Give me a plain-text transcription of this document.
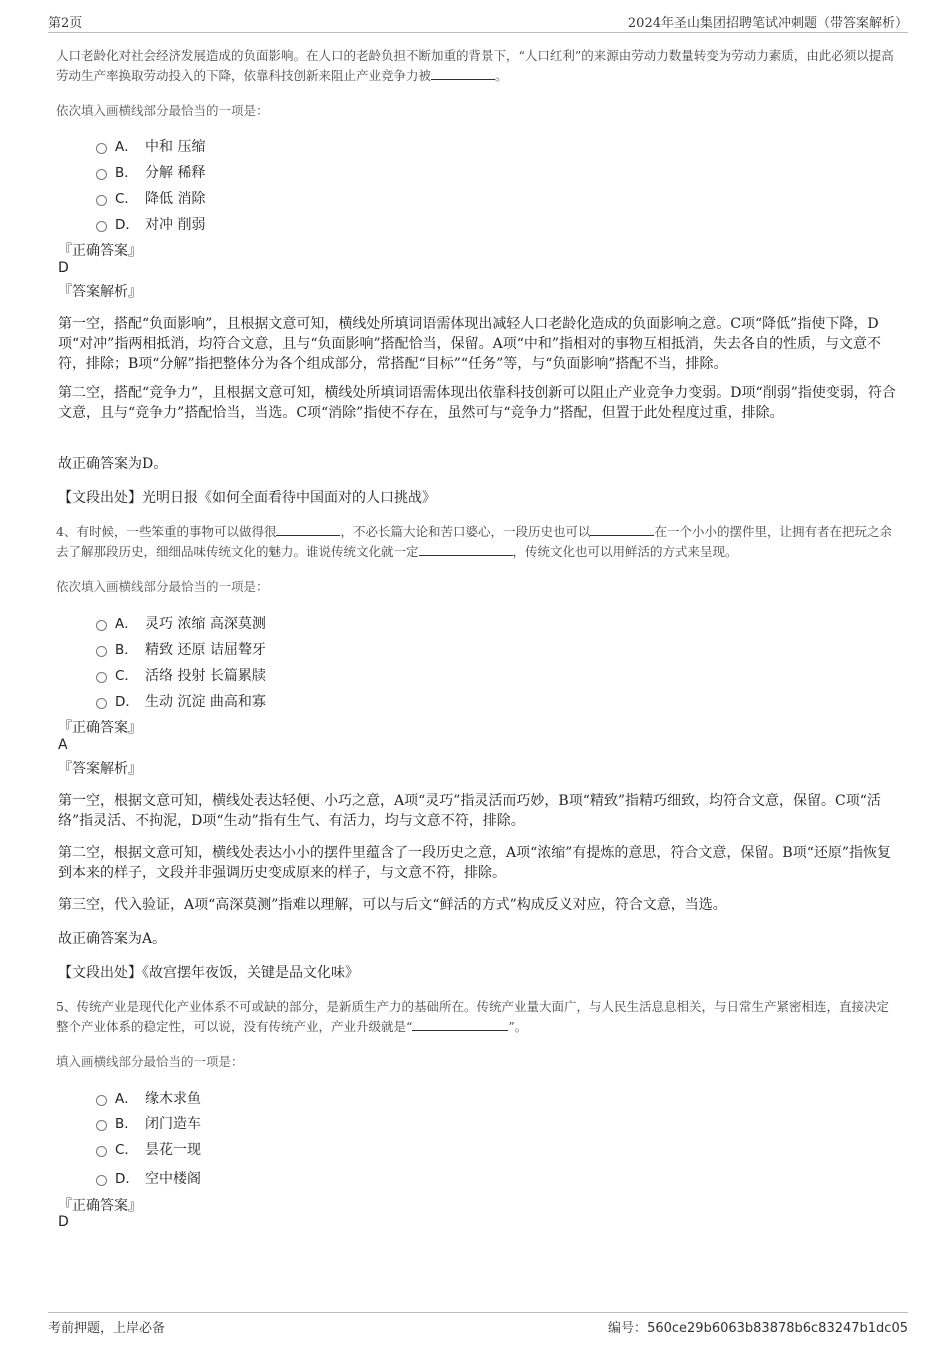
第2页	2024年圣山集团招聘笔试冲刺题（带答案解析）
人口老龄化对社会经济发展造成的负面影响。在人口的老龄负担不断加重的背景下，“人口红利”的来源由劳动力数量转变为劳动力素质，由此必须以提高劳动生产率换取劳动投入的下降，依靠科技创新来阻止产业竞争力被	。
依次填入画横线部分最恰当的一项是：
A． 中和 压缩
B． 分解 稀释
C． 降低 消除
D． 对冲 削弱
『正确答案』
D
『答案解析』
第一空，搭配“负面影响”，且根据文意可知，横线处所填词语需体现出减轻人口老龄化造成的负面影响之意。C项“降低”指使下降，D项“对冲”指两相抵消，均符合文意，且与“负面影响”搭配恰当，保留。A项“中和”指相对的事物互相抵消，失去各自的性质，与文意不符，排除；B项“分解”指把整体分为各个组成部分，常搭配“目标”“任务”等，与“负面影响”搭配不当，排除。
第二空，搭配“竞争力”，且根据文意可知，横线处所填词语需体现出依靠科技创新可以阻止产业竞争力变弱。D项“削弱”指使变弱，符合文意，且与“竞争力”搭配恰当，当选。C项“消除”指使不存在，虽然可与“竞争力”搭配，但置于此处程度过重，排除。
故正确答案为D。
【文段出处】光明日报《如何全面看待中国面对的人口挑战》
4、有时候，一些笨重的事物可以做得很	，不必长篇大论和苦口婆心，一段历史也可以	在一个小小的摆件里，让拥有者在把玩之余去了解那段历史，细细品味传统文化的魅力。谁说传统文化就一定	，传统文化也可以用鲜活的方式来呈现。
依次填入画横线部分最恰当的一项是：
A． 灵巧 浓缩 高深莫测
B． 精致 还原 诘屈聱牙
C． 活络 投射 长篇累牍
D． 生动 沉淀 曲高和寡
『正确答案』
A
『答案解析』
第一空，根据文意可知，横线处表达轻便、小巧之意，A项“灵巧”指灵活而巧妙，B项“精致”指精巧细致，均符合文意，保留。C项“活络”指灵活、不拘泥，D项“生动”指有生气、有活力，均与文意不符，排除。
第二空，根据文意可知，横线处表达小小的摆件里蕴含了一段历史之意，A项“浓缩”有提炼的意思，符合文意，保留。B项“还原”指恢复到本来的样子，文段并非强调历史变成原来的样子，与文意不符，排除。
第三空，代入验证，A项“高深莫测”指难以理解，可以与后文“鲜活的方式”构成反义对应，符合文意，当选。
故正确答案为A。
【文段出处】《故宫摆年夜饭，关键是品文化味》
5、传统产业是现代化产业体系不可或缺的部分，是新质生产力的基础所在。传统产业量大面广，与人民生活息息相关，与日常生产紧密相连，直接决定整个产业体系的稳定性，可以说，没有传统产业，产业升级就是“	”。
填入画横线部分最恰当的一项是：
A． 缘木求鱼
B． 闭门造车
C． 昙花一现
D． 空中楼阁
『正确答案』
D
考前押题，上岸必备	编号：560ce29b6063b83878b6c83247b1dc05
